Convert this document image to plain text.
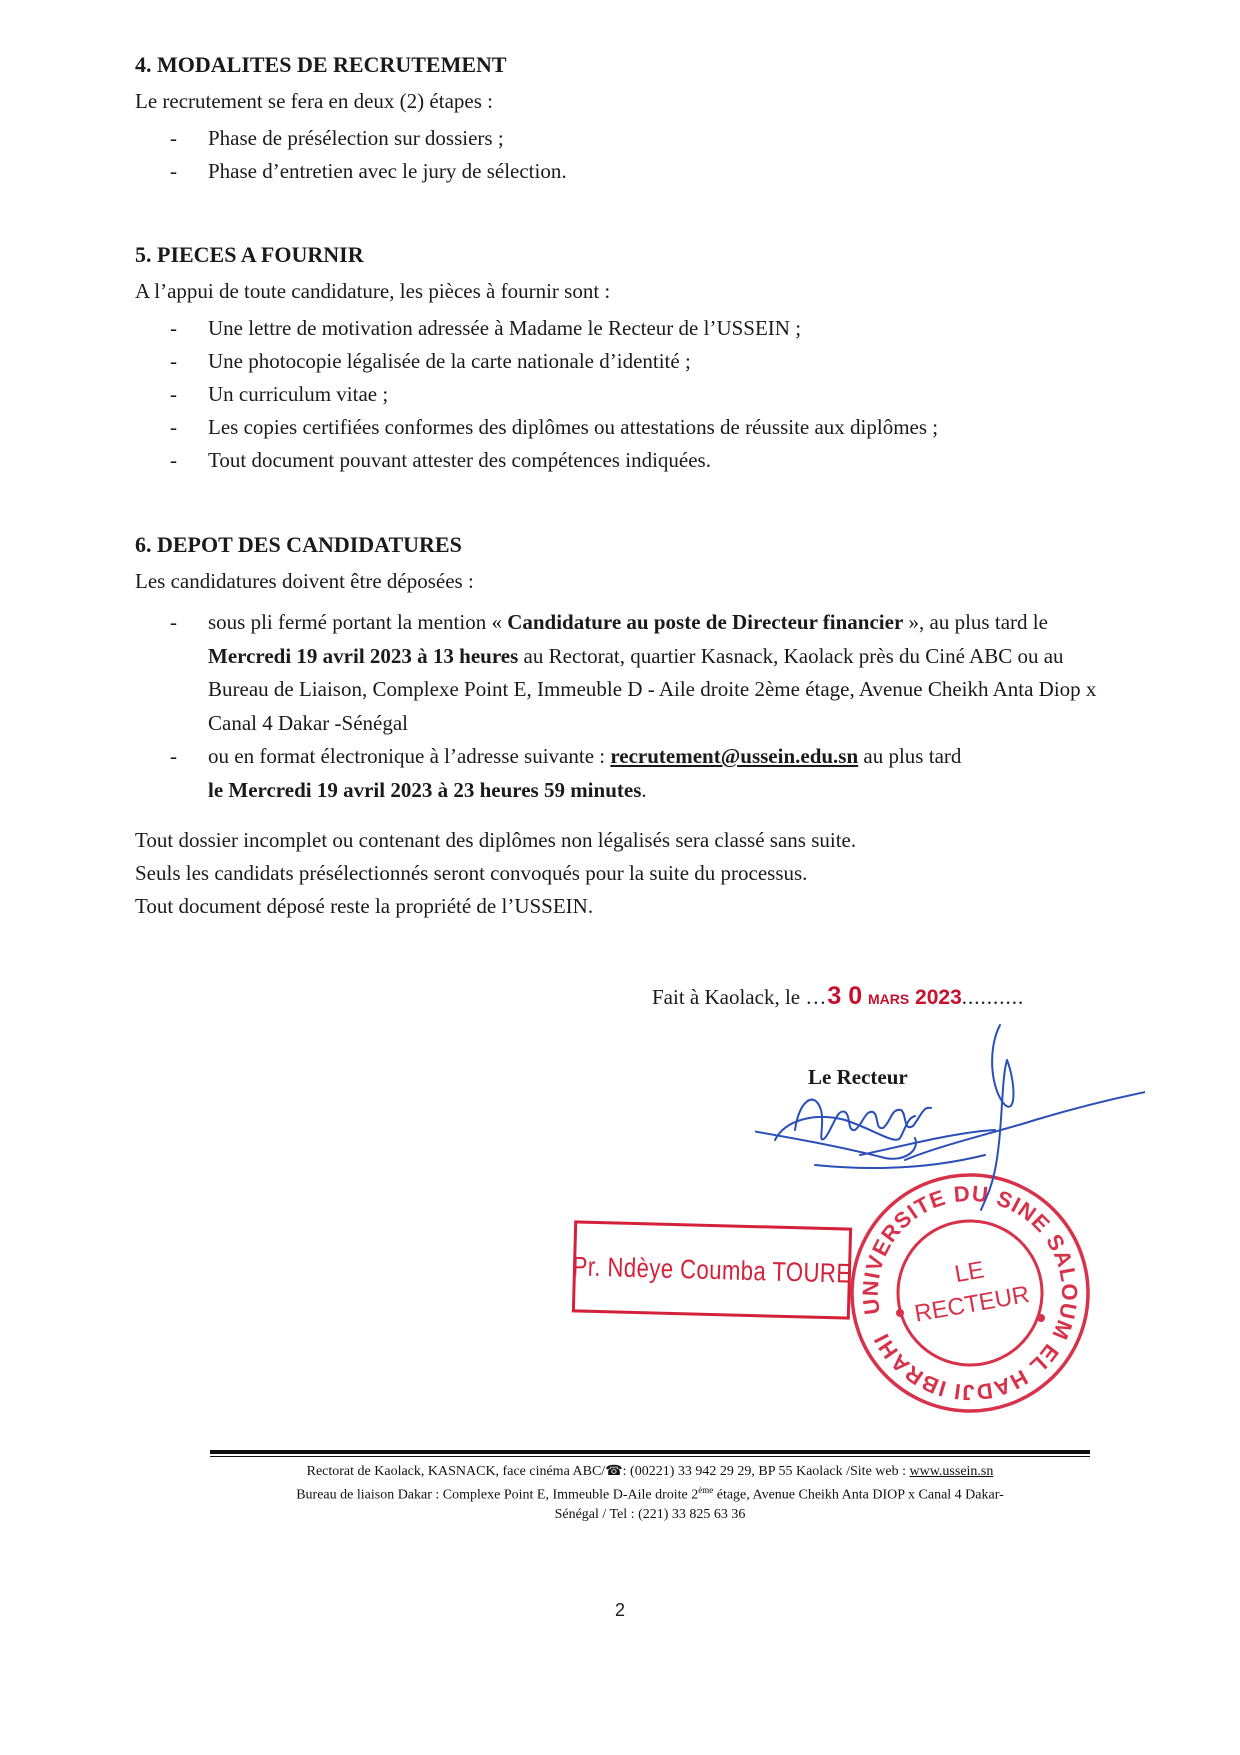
4. MODALITES DE RECRUTEMENT

Le recrutement se fera en deux (2) étapes :

- Phase de présélection sur dossiers ;
- Phase d’entretien avec le jury de sélection.

5. PIECES A FOURNIR

A l’appui de toute candidature, les pièces à fournir sont :

- Une lettre de motivation adressée à Madame le Recteur de l’USSEIN ;
- Une photocopie légalisée de la carte nationale d’identité ;
- Un curriculum vitae ;
- Les copies certifiées conformes des diplômes ou attestations de réussite aux diplômes ;
- Tout document pouvant attester des compétences indiquées.

6. DEPOT DES CANDIDATURES

Les candidatures doivent être déposées :

- sous pli fermé portant la mention « Candidature au poste de Directeur financier », au plus tard le Mercredi 19 avril 2023 à 13 heures au Rectorat, quartier Kasnack, Kaolack près du Ciné ABC ou au Bureau de Liaison, Complexe Point E, Immeuble D - Aile droite 2ème étage, Avenue Cheikh Anta Diop x Canal 4 Dakar -Sénégal
- ou en format électronique à l’adresse suivante : recrutement@ussein.edu.sn au plus tard
le Mercredi 19 avril 2023 à 23 heures 59 minutes.
Tout dossier incomplet ou contenant des diplômes non légalisés sera classé sans suite.
Seuls les candidats présélectionnés seront convoqués pour la suite du processus.
Tout document déposé reste la propriété de l’USSEIN.
Fait à Kaolack, le …3 0 MARS 2023..........
Le Recteur
Pr. Ndèye Coumba TOURE
UNIVERSITE DU SINE SALOUM EL HADJI IBRAHIMA
LE
RECTEUR
Rectorat de Kaolack, KASNACK, face cinéma ABC/☎: (00221) 33 942 29 29, BP 55 Kaolack /Site web : www.ussein.sn
Bureau de liaison Dakar : Complexe Point E, Immeuble D-Aile droite 2ème étage, Avenue Cheikh Anta DIOP x Canal 4 Dakar-
Sénégal / Tel : (221) 33 825 63 36
2
